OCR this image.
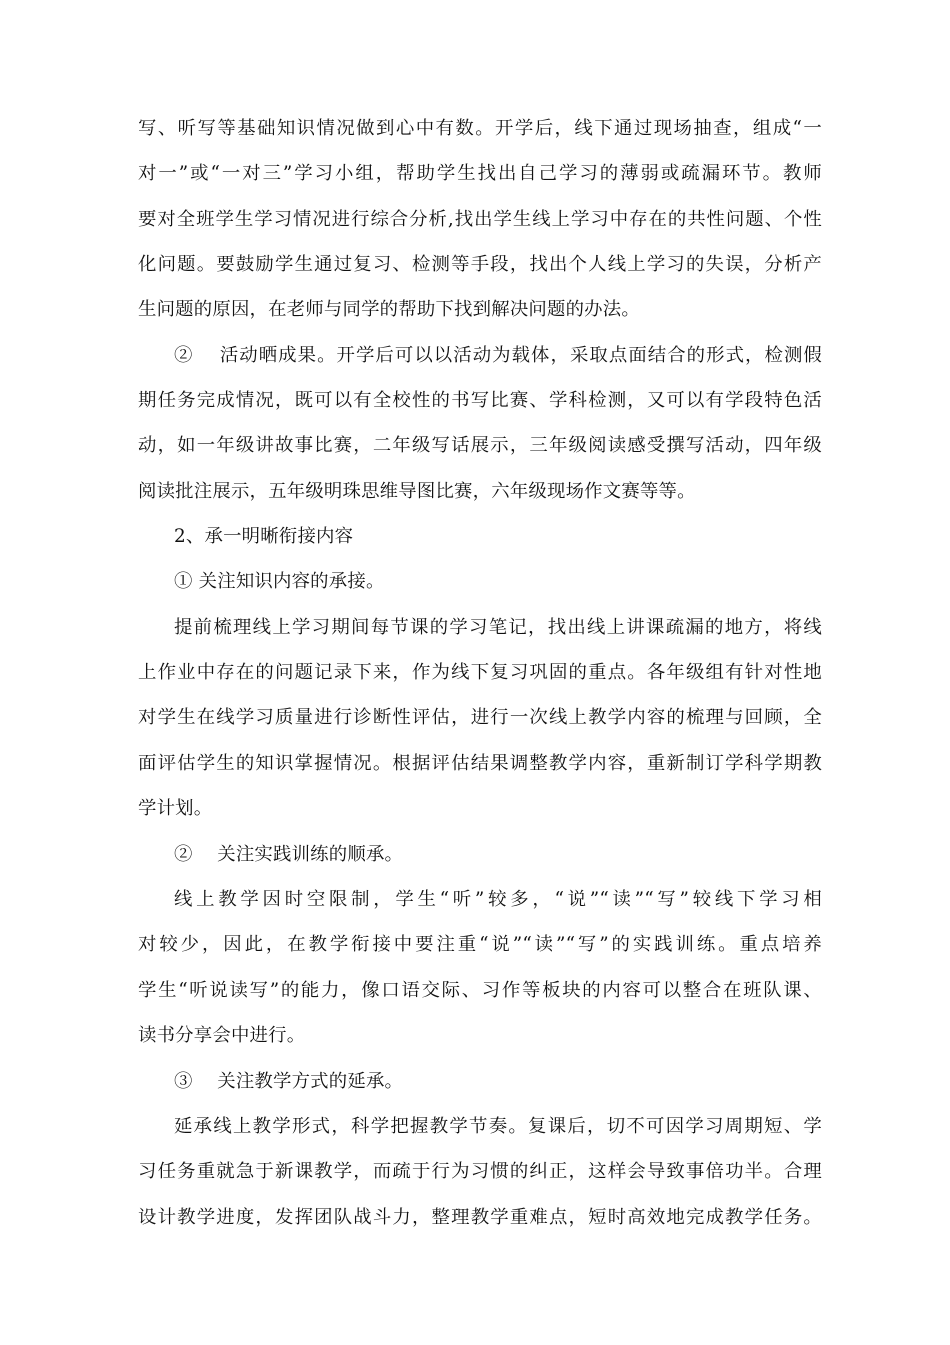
写、听写等基础知识情况做到心中有数。开学后，线下通过现场抽查，组成“一
对一”或“一对三”学习小组，帮助学生找出自己学习的薄弱或疏漏环节。教师
要对全班学生学习情况进行综合分析,找出学生线上学习中存在的共性问题、个性
化问题。要鼓励学生通过复习、检测等手段，找出个人线上学习的失误，分析产
生问题的原因，在老师与同学的帮助下找到解决问题的办法。
②　 活动晒成果。开学后可以以活动为载体，采取点面结合的形式，检测假
期任务完成情况，既可以有全校性的书写比赛、学科检测，又可以有学段特色活
动，如一年级讲故事比赛，二年级写话展示，三年级阅读感受撰写活动，四年级
阅读批注展示，五年级明珠思维导图比赛，六年级现场作文赛等等。
2、承一明晰衔接内容
① 关注知识内容的承接。
提前梳理线上学习期间每节课的学习笔记，找出线上讲课疏漏的地方，将线
上作业中存在的问题记录下来，作为线下复习巩固的重点。各年级组有针对性地
对学生在线学习质量进行诊断性评估，进行一次线上教学内容的梳理与回顾，全
面评估学生的知识掌握情况。根据评估结果调整教学内容，重新制订学科学期教
学计划。
②　 关注实践训练的顺承。
线上教学因时空限制，学生“听”较多，“说”“读”“写”较线下学习相
对较少，因此，在教学衔接中要注重“说”“读”“写”的实践训练。重点培养
学生“听说读写”的能力，像口语交际、习作等板块的内容可以整合在班队课、
读书分享会中进行。
③　 关注教学方式的延承。
延承线上教学形式，科学把握教学节奏。复课后，切不可因学习周期短、学
习任务重就急于新课教学，而疏于行为习惯的纠正，这样会导致事倍功半。合理
设计教学进度，发挥团队战斗力，整理教学重难点，短时高效地完成教学任务。
